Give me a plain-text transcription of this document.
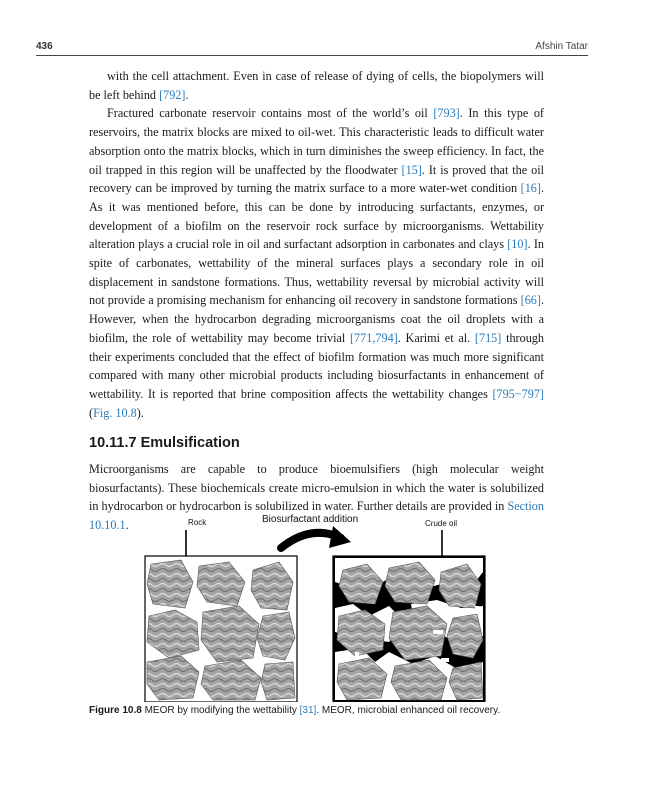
436	Afshin Tatar

with the cell attachment. Even in case of release of dying of cells, the biopolymers will be left behind [792].

Fractured carbonate reservoir contains most of the world’s oil [793]. In this type of reservoirs, the matrix blocks are mixed to oil-wet. This characteristic leads to difficult water absorption onto the matrix blocks, which in turn diminishes the sweep efficiency. In fact, the oil trapped in this region will be unaffected by the floodwater [15]. It is proved that the oil recovery can be improved by turning the matrix surface to a more water-wet condition [16]. As it was mentioned before, this can be done by introducing surfactants, enzymes, or development of a biofilm on the reservoir rock surface by microorganisms. Wettability alteration plays a crucial role in oil and surfactant adsorption in carbonates and clays [10]. In spite of carbonates, wettability of the mineral surfaces plays a secondary role in oil displacement in sandstone formations. Thus, wettability reversal by microbial activity will not provide a promising mechanism for enhancing oil recovery in sandstone formations [66]. However, when the hydrocarbon degrading microorganisms coat the oil droplets with a biofilm, the role of wettability may become trivial [771,794]. Karimi et al. [715] through their experiments concluded that the effect of biofilm formation was much more significant compared with many other microbial products including biosurfactants in enhancement of wettability. It is reported that brine composition affects the wettability changes [795−797] (Fig. 10.8).

10.11.7 Emulsification

Microorganisms are capable to produce bioemulsifiers (high molecular weight biosurfactants). These biochemicals create micro-emulsion in which the water is solubilized in hydrocarbon or hydrocarbon is solubilized in water. Further details are provided in Section 10.10.1.	Rock	Biosurfactant addition	Crude oil
Figure 10.8 MEOR by modifying the wettability [31]. MEOR, microbial enhanced oil recovery.
